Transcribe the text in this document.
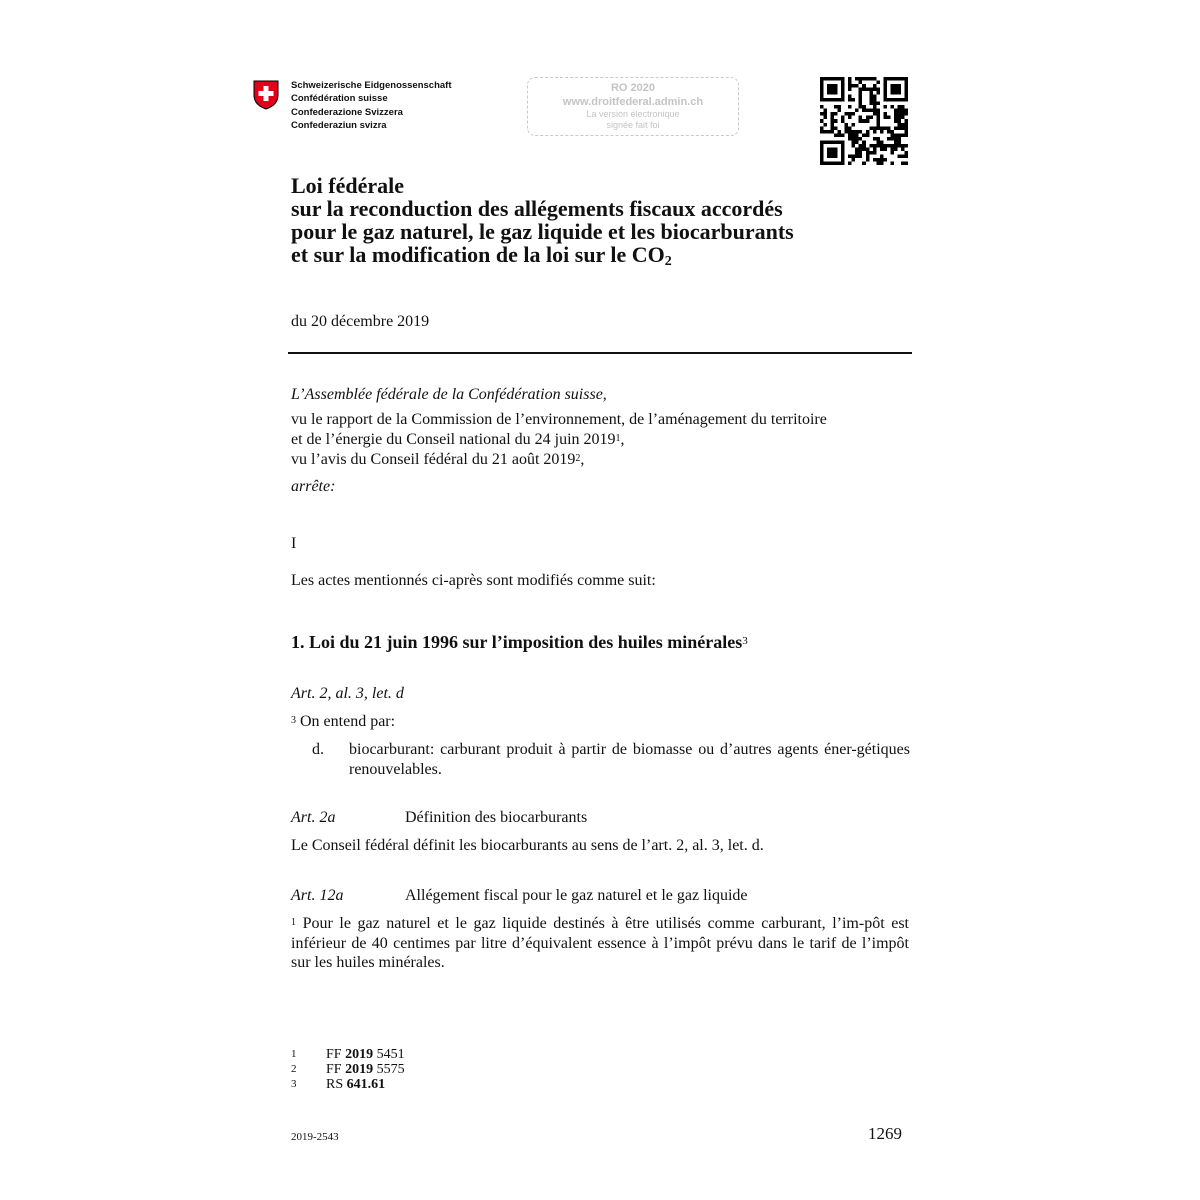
Schweizerische Eidgenossenschaft
Confédération suisse
Confederazione Svizzera
Confederaziun svizra
RO 2020
www.droitfederal.admin.ch
La version électronique
signée fait foi
Loi fédérale
sur la reconduction des allégements fiscaux accordés
pour le gaz naturel, le gaz liquide et les biocarburants
et sur la modification de la loi sur le CO2
du 20 décembre 2019
L’Assemblée fédérale de la Confédération suisse,
vu le rapport de la Commission de l’environnement, de l’aménagement du territoire
et de l’énergie du Conseil national du 24 juin 2019$^1$,
vu l’avis du Conseil fédéral du 21 août 2019$^2$,
arrête:
I
Les actes mentionnés ci-après sont modifiés comme suit:
1. Loi du 21 juin 1996 sur l’imposition des huiles minérales$^3$
Art. 2, al. 3, let. d
$^3$ On entend par:
d. biocarburant: carburant produit à partir de biomasse ou d’autres agents éner-gétiques renouvelables.
Art. 2a	Définition des biocarburants
Le Conseil fédéral définit les biocarburants au sens de l’art. 2, al. 3, let. d.
Art. 12a	Allégement fiscal pour le gaz naturel et le gaz liquide
$^1$ Pour le gaz naturel et le gaz liquide destinés à être utilisés comme carburant, l’im-pôt est inférieur de 40 centimes par litre d’équivalent essence à l’impôt prévu dans le tarif de l’impôt sur les huiles minérales.
1	FF 2019 5451
2	FF 2019 5575
3	RS 641.61
2019-2543	1269
